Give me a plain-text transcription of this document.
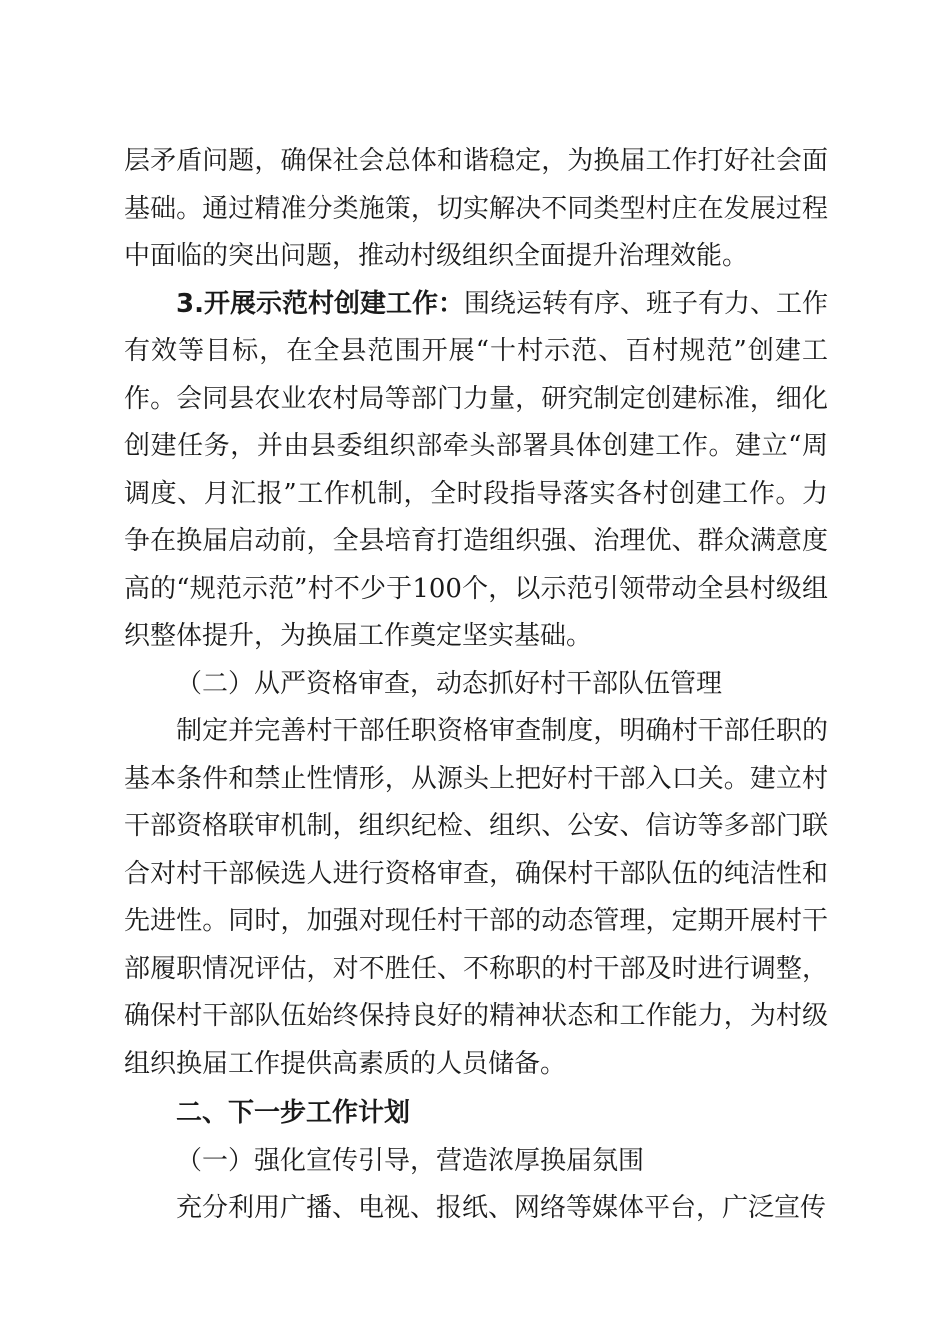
层矛盾问题，确保社会总体和谐稳定，为换届工作打好社会面基础。通过精准分类施策，切实解决不同类型村庄在发展过程中面临的突出问题，推动村级组织全面提升治理效能。

3.开展示范村创建工作：围绕运转有序、班子有力、工作有效等目标，在全县范围开展“十村示范、百村规范”创建工作。会同县农业农村局等部门力量，研究制定创建标准，细化创建任务，并由县委组织部牵头部署具体创建工作。建立“周调度、月汇报”工作机制，全时段指导落实各村创建工作。力争在换届启动前，全县培育打造组织强、治理优、群众满意度高的“规范示范”村不少于100个，以示范引领带动全县村级组织整体提升，为换届工作奠定坚实基础。

（二）从严资格审查，动态抓好村干部队伍管理

制定并完善村干部任职资格审查制度，明确村干部任职的基本条件和禁止性情形，从源头上把好村干部入口关。建立村干部资格联审机制，组织纪检、组织、公安、信访等多部门联合对村干部候选人进行资格审查，确保村干部队伍的纯洁性和先进性。同时，加强对现任村干部的动态管理，定期开展村干部履职情况评估，对不胜任、不称职的村干部及时进行调整，确保村干部队伍始终保持良好的精神状态和工作能力，为村级组织换届工作提供高素质的人员储备。

二、下一步工作计划

（一）强化宣传引导，营造浓厚换届氛围

充分利用广播、电视、报纸、网络等媒体平台，广泛宣传
